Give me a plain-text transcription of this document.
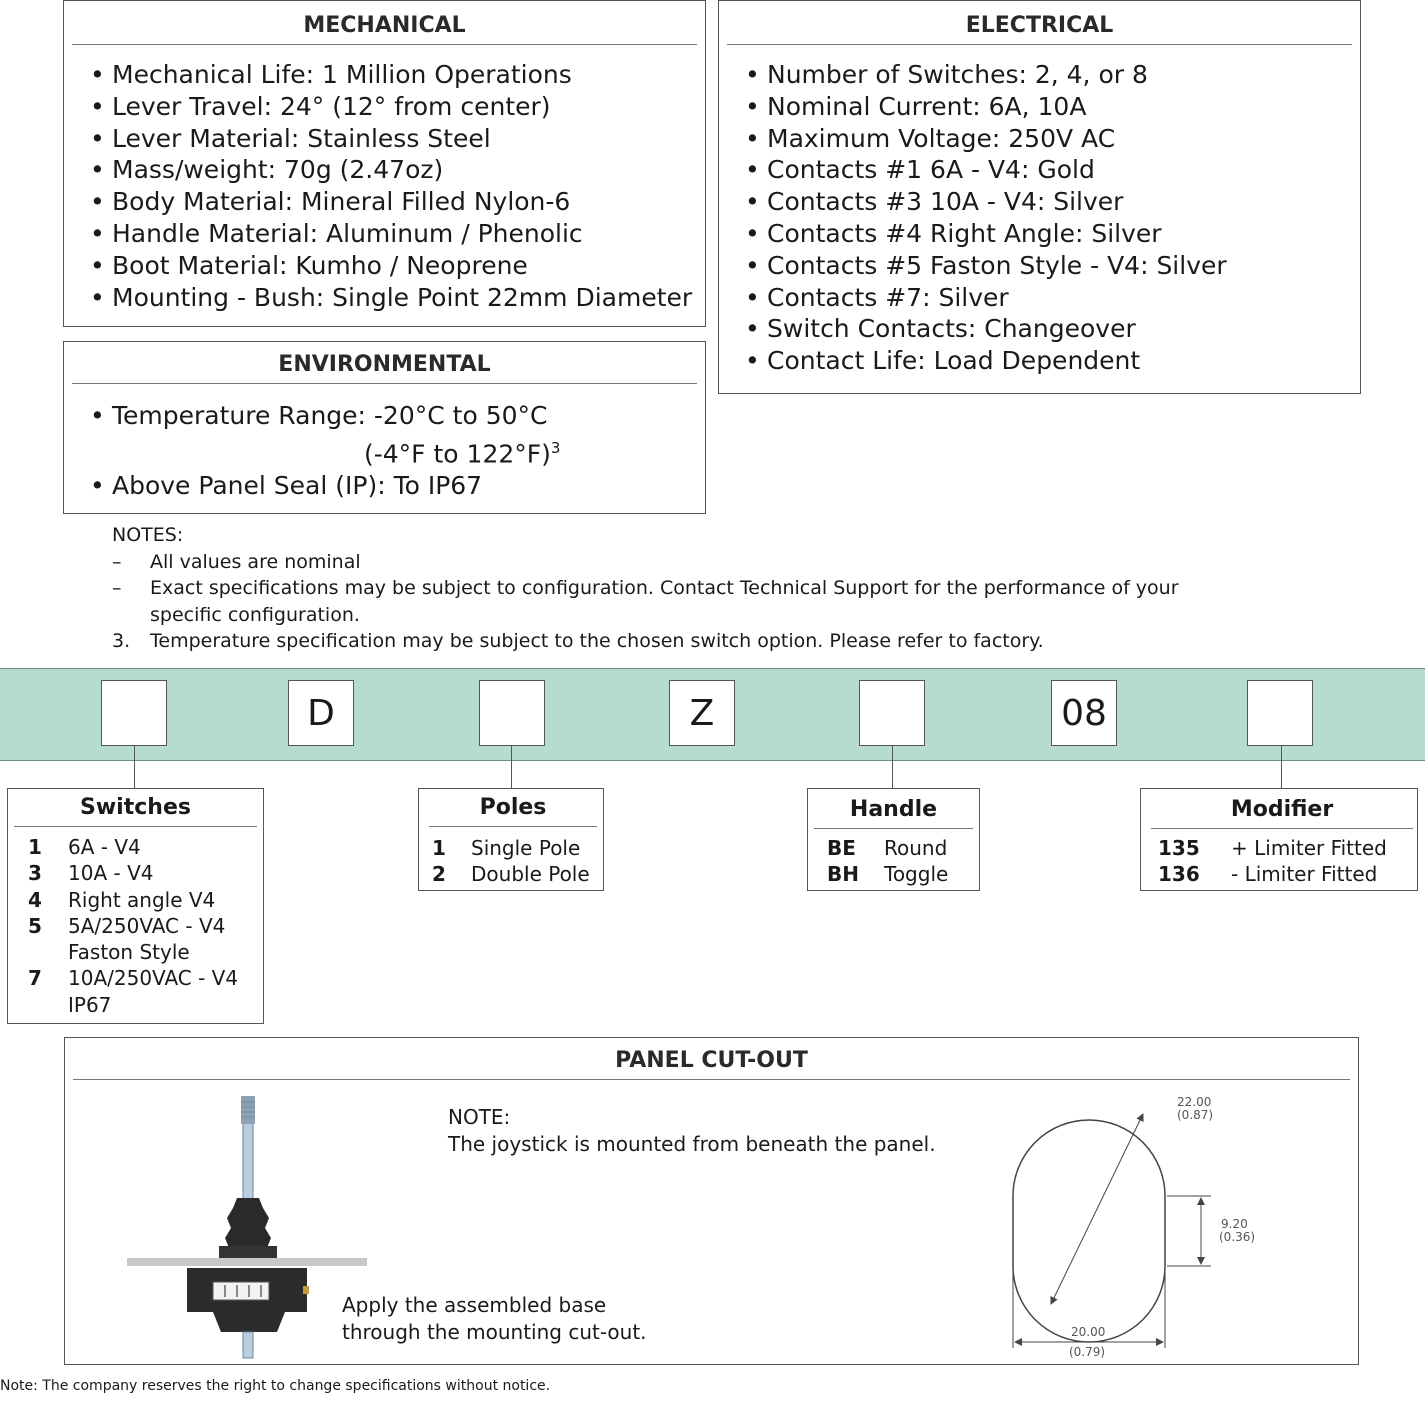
MECHANICAL
• Mechanical Life: 1 Million Operations
• Lever Travel: 24° (12° from center)
• Lever Material: Stainless Steel
• Mass/weight: 70g (2.47oz)
• Body Material: Mineral Filled Nylon-6
• Handle Material: Aluminum / Phenolic
• Boot Material: Kumho / Neoprene
• Mounting - Bush: Single Point 22mm Diameter
ELECTRICAL
• Number of Switches: 2, 4, or 8
• Nominal Current: 6A, 10A
• Maximum Voltage: 250V AC
• Contacts #1 6A - V4: Gold
• Contacts #3 10A - V4: Silver
• Contacts #4 Right Angle: Silver
• Contacts #5 Faston Style - V4: Silver
• Contacts #7: Silver
• Switch Contacts: Changeover
• Contact Life: Load Dependent
ENVIRONMENTAL
• Temperature Range: -20°C to 50°C
(-4°F to 122°F)$^3$
• Above Panel Seal (IP): To IP67
NOTES:
–	All values are nominal
–	Exact specifications may be subject to configuration. Contact Technical Support for the performance of your
specific configuration.
3.	Temperature specification may be subject to the chosen switch option. Please refer to factory.
D	Z	08
Switches
1	6A - V4
3	10A - V4
4	Right angle V4
5	5A/250VAC - V4
Faston Style
7	10A/250VAC - V4
IP67
Poles
1	Single Pole
2	Double Pole
Handle
BE	Round
BH	Toggle
Modifier
135	+ Limiter Fitted
136	- Limiter Fitted
PANEL CUT-OUT
NOTE:
The joystick is mounted from beneath the panel.
Apply the assembled base
through the mounting cut-out.
22.00
(0.87)
9.20
(0.36)
20.00
(0.79)
Note: The company reserves the right to change specifications without notice.
